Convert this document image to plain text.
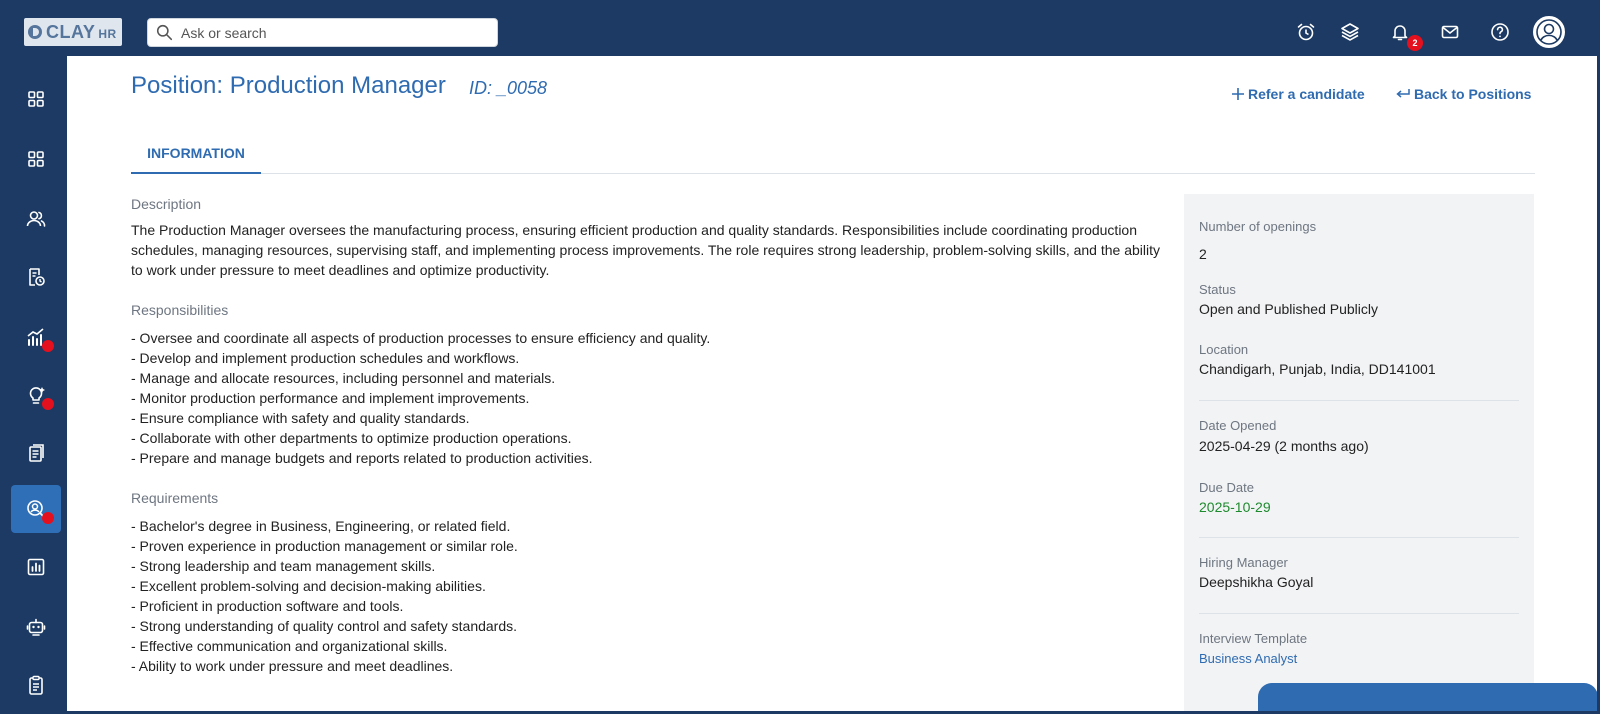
CLAY HR
Ask or search
2
Position: Production Manager ID: _0058	Refer a candidate	Back to Positions
INFORMATION
Description
The Production Manager oversees the manufacturing process, ensuring efficient production and quality standards. Responsibilities include coordinating production schedules, managing resources, supervising staff, and implementing process improvements. The role requires strong leadership, problem-solving skills, and the ability to work under pressure to meet deadlines and optimize productivity.
Responsibilities
- Oversee and coordinate all aspects of production processes to ensure efficiency and quality.
- Develop and implement production schedules and workflows.
- Manage and allocate resources, including personnel and materials.
- Monitor production performance and implement improvements.
- Ensure compliance with safety and quality standards.
- Collaborate with other departments to optimize production operations.
- Prepare and manage budgets and reports related to production activities.
Requirements
- Bachelor's degree in Business, Engineering, or related field.
- Proven experience in production management or similar role.
- Strong leadership and team management skills.
- Excellent problem-solving and decision-making abilities.
- Proficient in production software and tools.
- Strong understanding of quality control and safety standards.
- Effective communication and organizational skills.
- Ability to work under pressure and meet deadlines.
Number of openings
2
Status
Open and Published Publicly
Location
Chandigarh, Punjab, India, DD141001
Date Opened
2025-04-29 (2 months ago)
Due Date
2025-10-29
Hiring Manager
Deepshikha Goyal
Interview Template
Business Analyst
